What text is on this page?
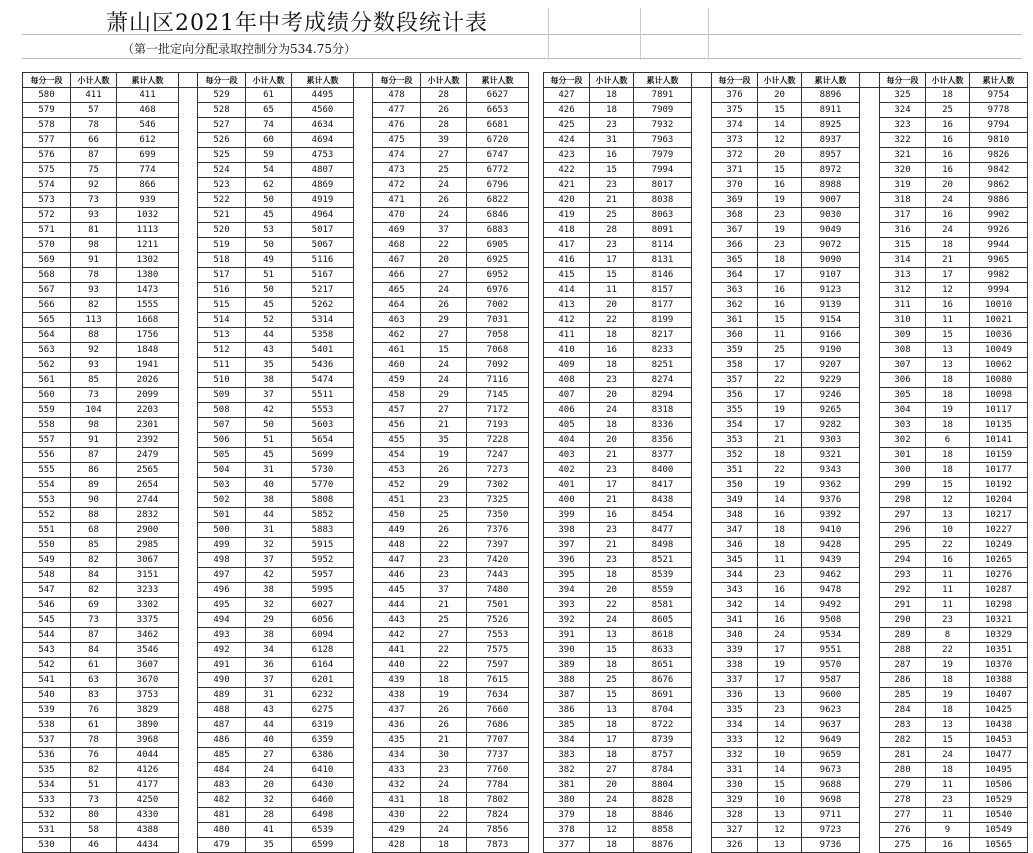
萧山区2021年中考成绩分数段统计表
（第一批定向分配录取控制分为534.75分）
每分一段	小计人数	累计人数		每分一段	小计人数	累计人数		每分一段	小计人数	累计人数
580	411	411		529	61	4495		478	28	6627
579	57	468		528	65	4560		477	26	6653
578	78	546		527	74	4634		476	28	6681
577	66	612		526	60	4694		475	39	6720
576	87	699		525	59	4753		474	27	6747
575	75	774		524	54	4807		473	25	6772
574	92	866		523	62	4869		472	24	6796
573	73	939		522	50	4919		471	26	6822
572	93	1032		521	45	4964		470	24	6846
571	81	1113		520	53	5017		469	37	6883
570	98	1211		519	50	5067		468	22	6905
569	91	1302		518	49	5116		467	20	6925
568	78	1380		517	51	5167		466	27	6952
567	93	1473		516	50	5217		465	24	6976
566	82	1555		515	45	5262		464	26	7002
565	113	1668		514	52	5314		463	29	7031
564	88	1756		513	44	5358		462	27	7058
563	92	1848		512	43	5401		461	15	7068
562	93	1941		511	35	5436		460	24	7092
561	85	2026		510	38	5474		459	24	7116
560	73	2099		509	37	5511		458	29	7145
559	104	2203		508	42	5553		457	27	7172
558	98	2301		507	50	5603		456	21	7193
557	91	2392		506	51	5654		455	35	7228
556	87	2479		505	45	5699		454	19	7247
555	86	2565		504	31	5730		453	26	7273
554	89	2654		503	40	5770		452	29	7302
553	90	2744		502	38	5808		451	23	7325
552	88	2832		501	44	5852		450	25	7350
551	68	2900		500	31	5883		449	26	7376
550	85	2985		499	32	5915		448	22	7397
549	82	3067		498	37	5952		447	23	7420
548	84	3151		497	42	5957		446	23	7443
547	82	3233		496	38	5995		445	37	7480
546	69	3302		495	32	6027		444	21	7501
545	73	3375		494	29	6056		443	25	7526
544	87	3462		493	38	6094		442	27	7553
543	84	3546		492	34	6128		441	22	7575
542	61	3607		491	36	6164		440	22	7597
541	63	3670		490	37	6201		439	18	7615
540	83	3753		489	31	6232		438	19	7634
539	76	3829		488	43	6275		437	26	7660
538	61	3890		487	44	6319		436	26	7686
537	78	3968		486	40	6359		435	21	7707
536	76	4044		485	27	6386		434	30	7737
535	82	4126		484	24	6410		433	23	7760
534	51	4177		483	20	6430		432	24	7784
533	73	4250		482	32	6460		431	18	7802
532	80	4330		481	28	6498		430	22	7824
531	58	4388		480	41	6539		429	24	7856
530	46	4434		479	35	6599		428	18	7873
每分一段	小计人数	累计人数		每分一段	小计人数	累计人数		每分一段	小计人数	累计人数
427	18	7891		376	20	8896		325	18	9754
426	18	7909		375	15	8911		324	25	9778
425	23	7932		374	14	8925		323	16	9794
424	31	7963		373	12	8937		322	16	9810
423	16	7979		372	20	8957		321	16	9826
422	15	7994		371	15	8972		320	16	9842
421	23	8017		370	16	8988		319	20	9862
420	21	8038		369	19	9007		318	24	9886
419	25	8063		368	23	9030		317	16	9902
418	28	8091		367	19	9049		316	24	9926
417	23	8114		366	23	9072		315	18	9944
416	17	8131		365	18	9090		314	21	9965
415	15	8146		364	17	9107		313	17	9982
414	11	8157		363	16	9123		312	12	9994
413	20	8177		362	16	9139		311	16	10010
412	22	8199		361	15	9154		310	11	10021
411	18	8217		360	11	9166		309	15	10036
410	16	8233		359	25	9190		308	13	10049
409	18	8251		358	17	9207		307	13	10062
408	23	8274		357	22	9229		306	18	10080
407	20	8294		356	17	9246		305	18	10098
406	24	8318		355	19	9265		304	19	10117
405	18	8336		354	17	9282		303	18	10135
404	20	8356		353	21	9303		302	6	10141
403	21	8377		352	18	9321		301	18	10159
402	23	8400		351	22	9343		300	18	10177
401	17	8417		350	19	9362		299	15	10192
400	21	8438		349	14	9376		298	12	10204
399	16	8454		348	16	9392		297	13	10217
398	23	8477		347	18	9410		296	10	10227
397	21	8498		346	18	9428		295	22	10249
396	23	8521		345	11	9439		294	16	10265
395	18	8539		344	23	9462		293	11	10276
394	20	8559		343	16	9478		292	11	10287
393	22	8581		342	14	9492		291	11	10298
392	24	8605		341	16	9508		290	23	10321
391	13	8618		340	24	9534		289	8	10329
390	15	8633		339	17	9551		288	22	10351
389	18	8651		338	19	9570		287	19	10370
388	25	8676		337	17	9587		286	18	10388
387	15	8691		336	13	9600		285	19	10407
386	13	8704		335	23	9623		284	18	10425
385	18	8722		334	14	9637		283	13	10438
384	17	8739		333	12	9649		282	15	10453
383	18	8757		332	10	9659		281	24	10477
382	27	8784		331	14	9673		280	18	10495
381	20	8804		330	15	9688		279	11	10506
380	24	8828		329	10	9698		278	23	10529
379	18	8846		328	13	9711		277	11	10540
378	12	8858		327	12	9723		276	9	10549
377	18	8876		326	13	9736		275	16	10565
